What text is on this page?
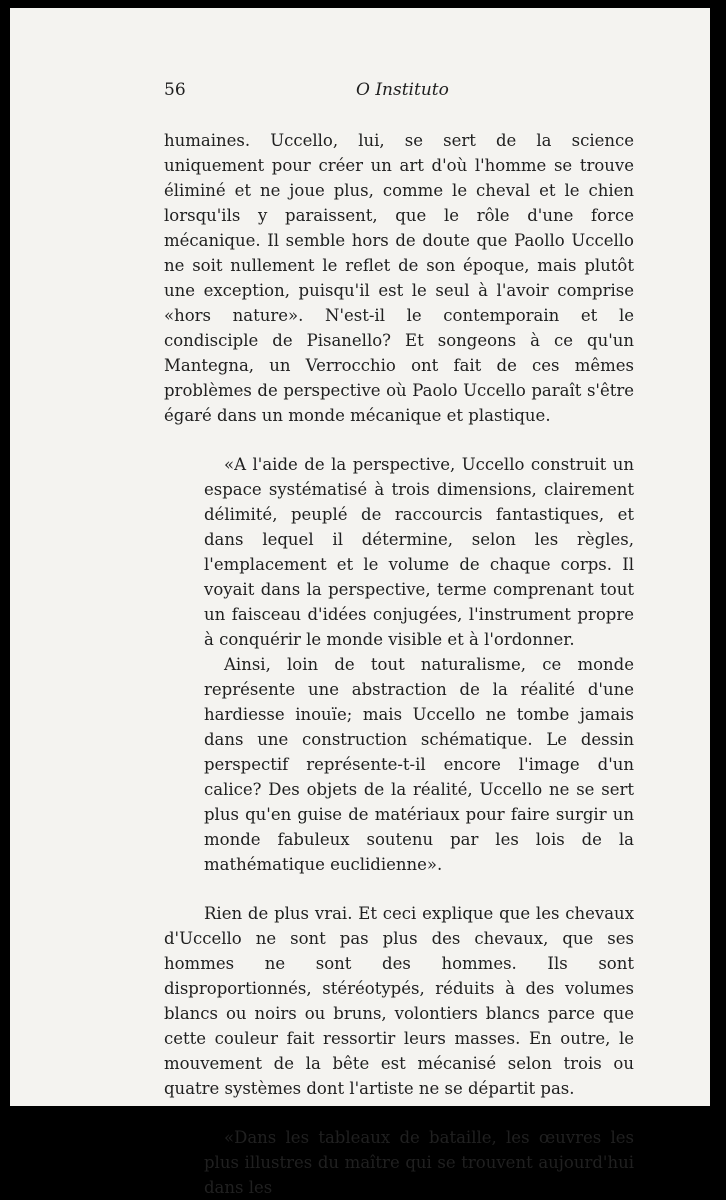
56	O Instituto

humaines. Uccello, lui, se sert de la science uniquement pour créer un art d'où l'homme se trouve éliminé et ne joue plus, comme le cheval et le chien lorsqu'ils y paraissent, que le rôle d'une force mécanique. Il semble hors de doute que Paollo Uccello ne soit nullement le reflet de son époque, mais plutôt une exception, puisqu'il est le seul à l'avoir comprise «hors nature». N'est-il le contemporain et le condisciple de Pisanello? Et songeons à ce qu'un Mantegna, un Verrocchio ont fait de ces mêmes problèmes de perspective où Paolo Uccello paraît s'être égaré dans un monde mécanique et plastique.

«A l'aide de la perspective, Uccello construit un espace systématisé à trois dimensions, clairement délimité, peuplé de raccourcis fantastiques, et dans lequel il détermine, selon les règles, l'emplacement et le volume de chaque corps. Il voyait dans la perspective, terme comprenant tout un faisceau d'idées conjugées, l'instrument propre à conquérir le monde visible et à l'ordonner.

Ainsi, loin de tout naturalisme, ce monde représente une abstraction de la réalité d'une hardiesse inouïe; mais Uccello ne tombe jamais dans une construction schématique. Le dessin perspectif représente-t-il encore l'image d'un calice? Des objets de la réalité, Uccello ne se sert plus qu'en guise de matériaux pour faire surgir un monde fabuleux soutenu par les lois de la mathématique euclidienne».

Rien de plus vrai. Et ceci explique que les chevaux d'Uccello ne sont pas plus des chevaux, que ses hommes ne sont des hommes. Ils sont disproportionnés, stéréotypés, réduits à des volumes blancs ou noirs ou bruns, volontiers blancs parce que cette couleur fait ressortir leurs masses. En outre, le mouvement de la bête est mécanisé selon trois ou quatre systèmes dont l'artiste ne se départit pas.

«Dans les tableaux de bataille, les œuvres les plus illustres du maître qui se trouvent aujourd'hui dans les
